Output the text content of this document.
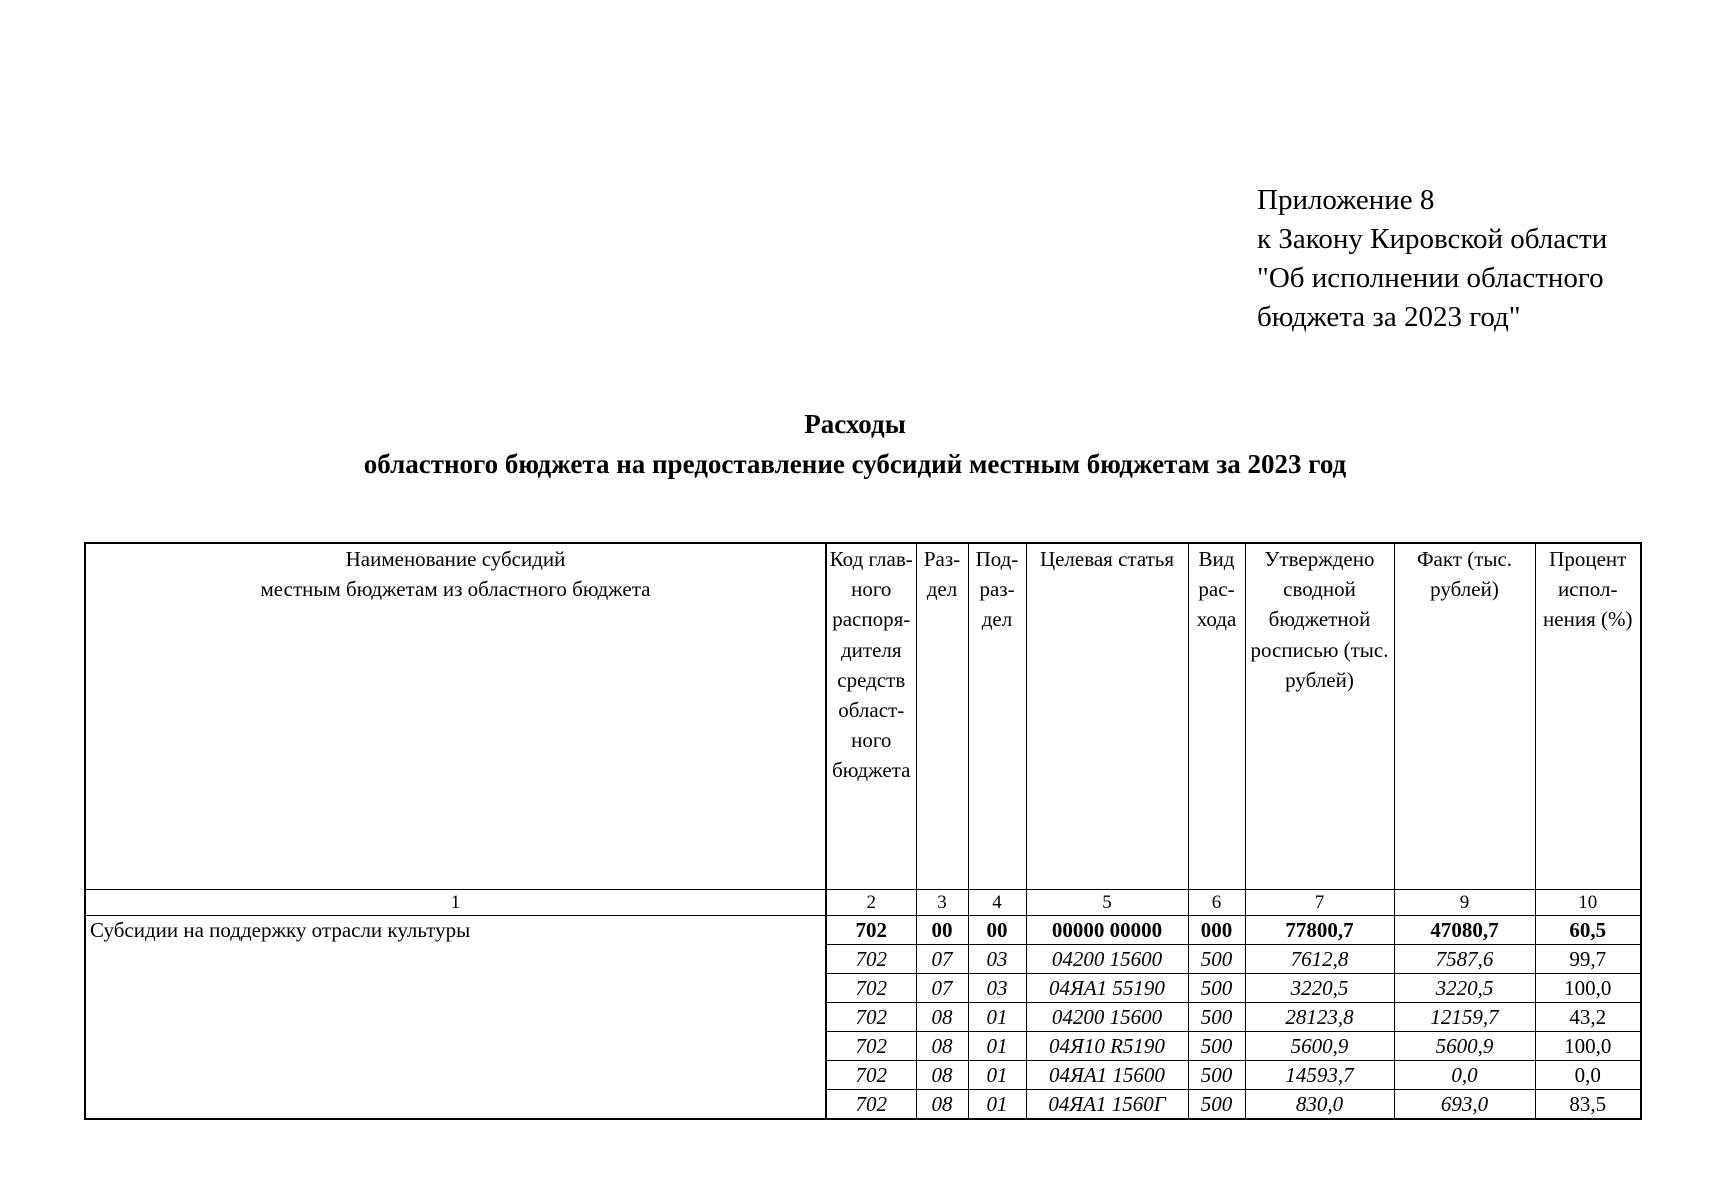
Приложение 8
к Закону Кировской области
"Об исполнении областного
бюджета за 2023 год"
Расходы
областного бюджета на предоставление субсидий местным бюджетам за 2023 год
Наименование субсидий
местным бюджетам из областного бюджета	Код главного распорядителя средств областного бюджета	Раздел	Подраздел	Целевая статья	Вид расхода	Утверждено сводной бюджетной росписью (тыс. рублей)	Факт (тыс. рублей)	Процент исполнения (%)
1	2	3	4	5	6	7	9	10
Субсидии на поддержку отрасли культуры	702	00	00	00000 00000	000	77800,7	47080,7	60,5
	702	07	03	04200 15600	500	7612,8	7587,6	99,7
	702	07	03	04ЯА1 55190	500	3220,5	3220,5	100,0
	702	08	01	04200 15600	500	28123,8	12159,7	43,2
	702	08	01	04Я10 R5190	500	5600,9	5600,9	100,0
	702	08	01	04ЯА1 15600	500	14593,7	0,0	0,0
	702	08	01	04ЯА1 1560Г	500	830,0	693,0	83,5
